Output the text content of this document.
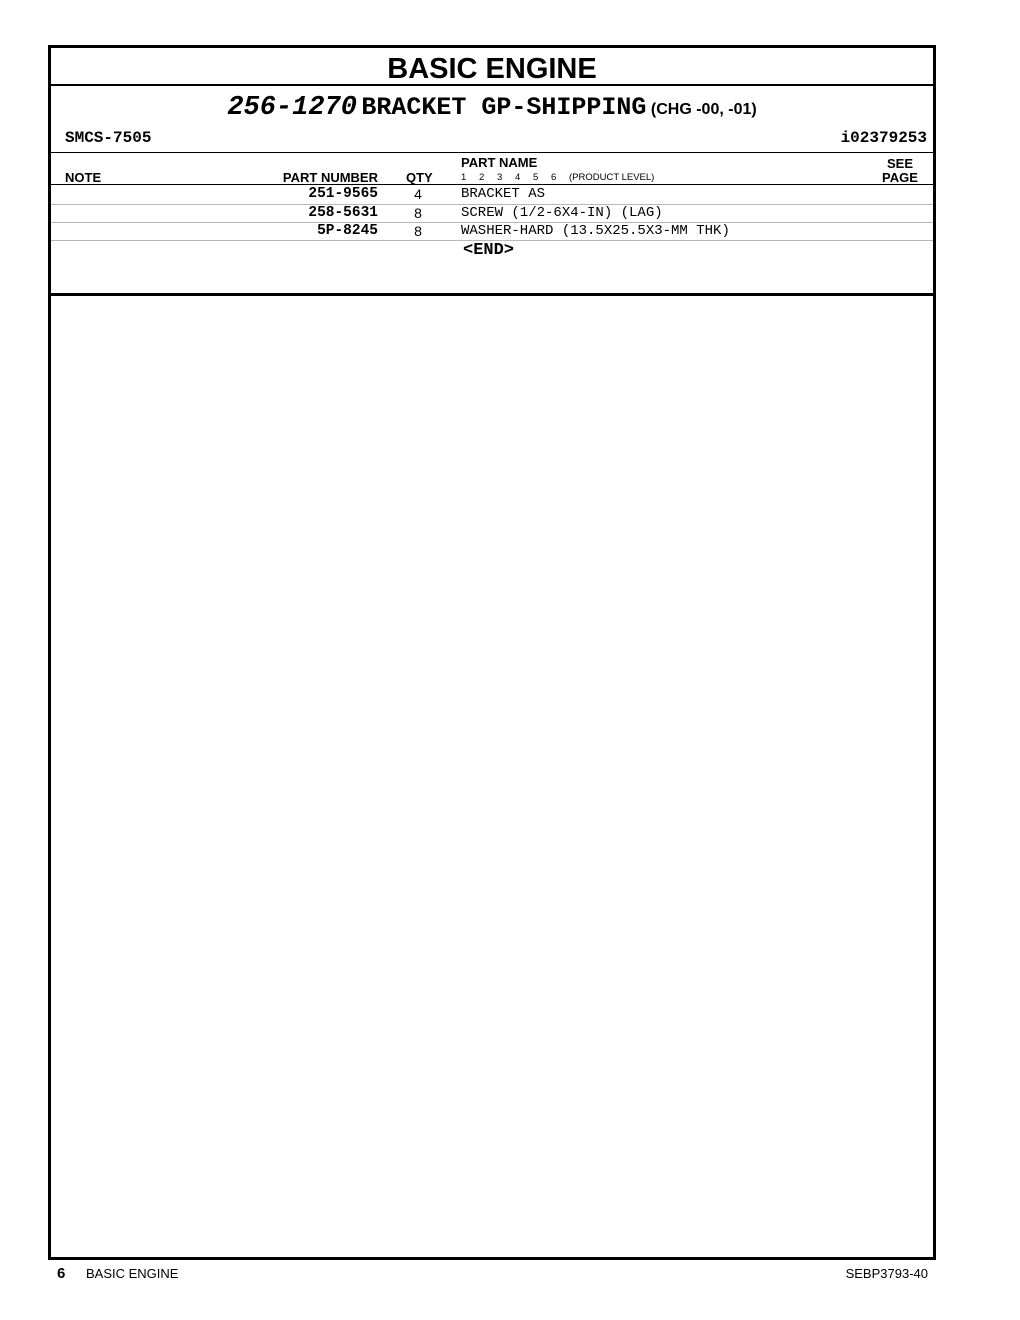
BASIC ENGINE
256-1270 BRACKET GP-SHIPPING (CHG -00, -01)
SMCS-7505	i02379253
NOTE	PART NUMBER QTY
PART NAME
1 2 3 4 5 6 (PRODUCT LEVEL)
SEE
PAGE
251-9565	4	BRACKET AS
258-5631	8	SCREW (1/2-6X4-IN) (LAG)
5P-8245	8	WASHER-HARD (13.5X25.5X3-MM THK)
<END>
6 BASIC ENGINE	SEBP3793-40
